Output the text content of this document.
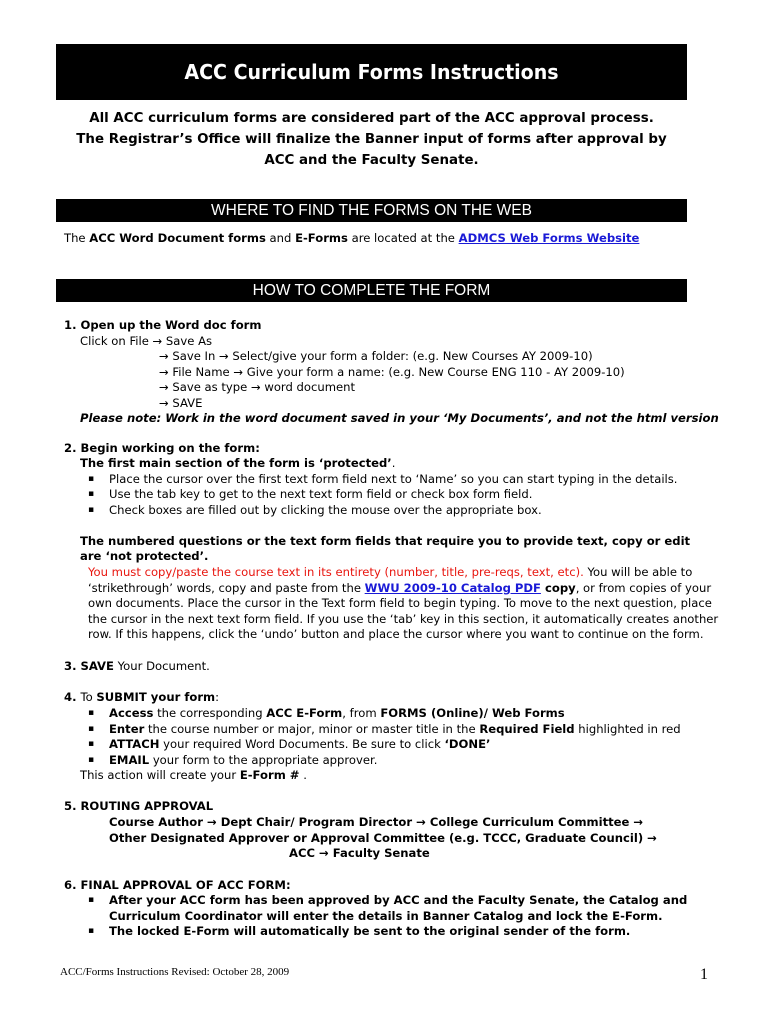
ACC Curriculum Forms Instructions
All ACC curriculum forms are considered part of the ACC approval process.
The Registrar’s Office will finalize the Banner input of forms after approval by
ACC and the Faculty Senate.
WHERE TO FIND THE FORMS ON THE WEB
The ACC Word Document forms and E-Forms are located at the ADMCS Web Forms Website
HOW TO COMPLETE THE FORM
1. Open up the Word doc form
Click on File → Save As
→ Save In → Select/give your form a folder: (e.g. New Courses AY 2009-10)
→ File Name → Give your form a name: (e.g. New Course ENG 110 - AY 2009-10)
→ Save as type → word document
→ SAVE
Please note: Work in the word document saved in your ‘My Documents’, and not the html version
2. Begin working on the form:
The first main section of the form is ‘protected’.
▪ Place the cursor over the first text form field next to ‘Name’ so you can start typing in the details.
▪ Use the tab key to get to the next text form field or check box form field.
▪ Check boxes are filled out by clicking the mouse over the appropriate box.
The numbered questions or the text form fields that require you to provide text, copy or edit
are ‘not protected’.
You must copy/paste the course text in its entirety (number, title, pre-reqs, text, etc). You will be able to
‘strikethrough’ words, copy and paste from the WWU 2009-10 Catalog PDF copy, or from copies of your
own documents. Place the cursor in the Text form field to begin typing. To move to the next question, place
the cursor in the next text form field. If you use the ‘tab’ key in this section, it automatically creates another
row. If this happens, click the ‘undo’ button and place the cursor where you want to continue on the form.
3. SAVE Your Document.
4. To SUBMIT your form:
▪ Access the corresponding ACC E-Form, from FORMS (Online)/ Web Forms
▪ Enter the course number or major, minor or master title in the Required Field highlighted in red
▪ ATTACH your required Word Documents. Be sure to click ‘DONE’
▪ EMAIL your form to the appropriate approver.
This action will create your E-Form # .
5. ROUTING APPROVAL
Course Author → Dept Chair/ Program Director → College Curriculum Committee →
Other Designated Approver or Approval Committee (e.g. TCCC, Graduate Council) →
ACC → Faculty Senate
6. FINAL APPROVAL OF ACC FORM:
▪ After your ACC form has been approved by ACC and the Faculty Senate, the Catalog and
Curriculum Coordinator will enter the details in Banner Catalog and lock the E-Form.
▪ The locked E-Form will automatically be sent to the original sender of the form.
ACC/Forms Instructions Revised: October 28, 2009	1
